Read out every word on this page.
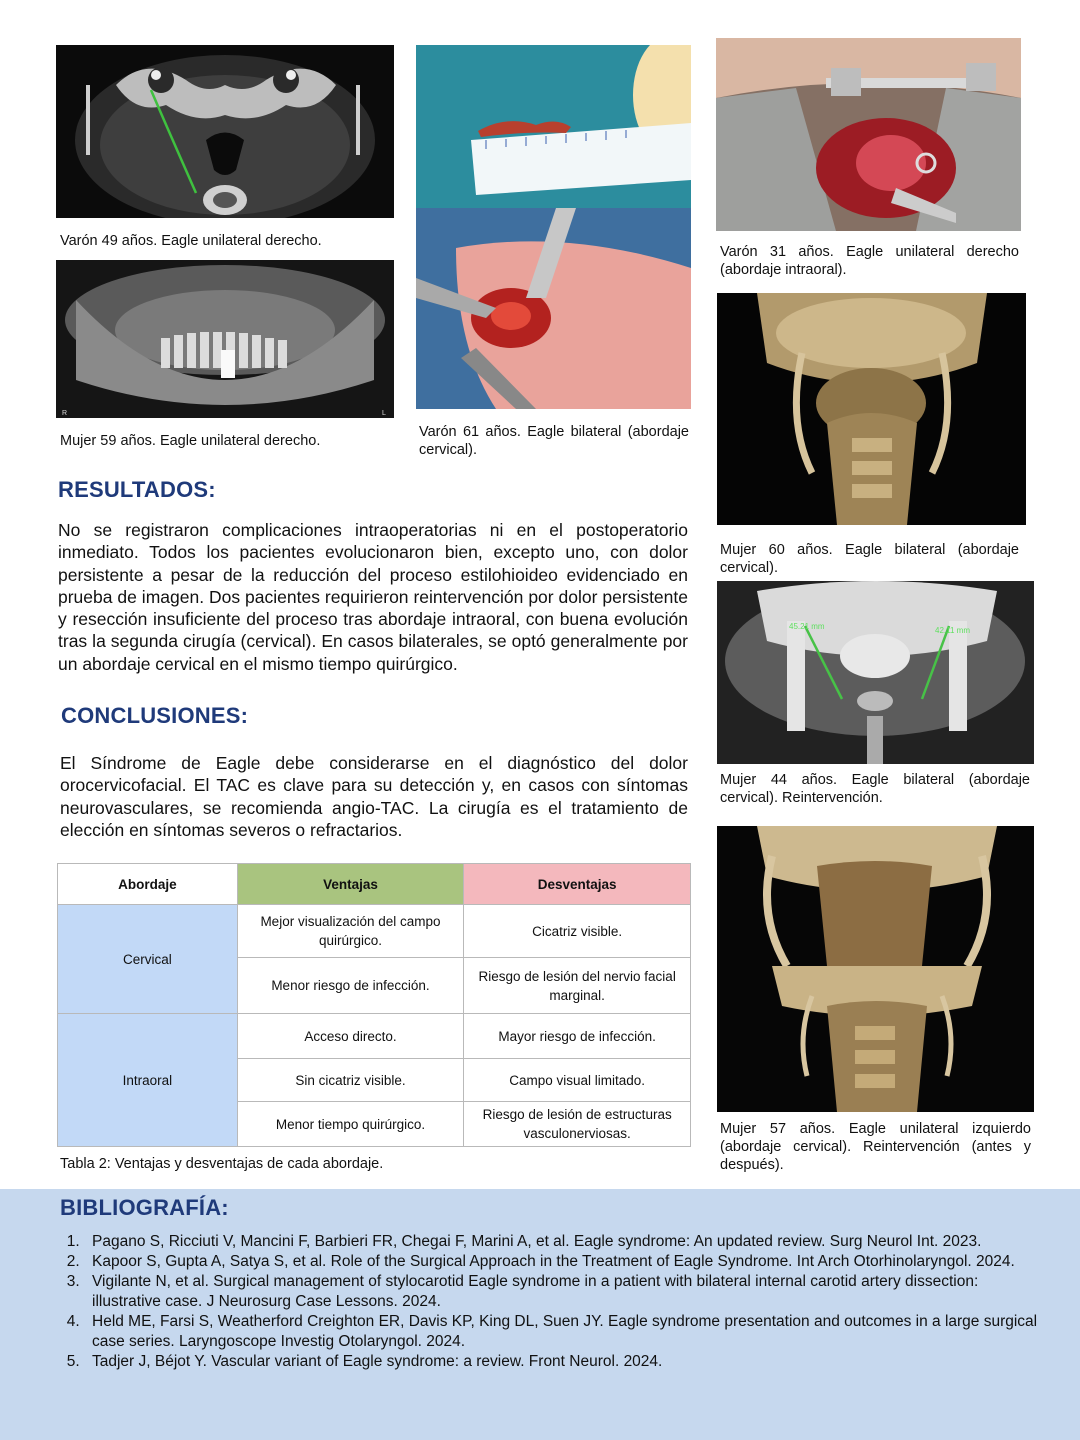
Varón 49 años. Eagle unilateral derecho.
R	L
Mujer 59 años. Eagle unilateral derecho.
Varón 61 años. Eagle bilateral (abordaje cervical).
Varón 31 años. Eagle unilateral derecho (abordaje intraoral).
Mujer 60 años. Eagle bilateral (abordaje cervical).
45.21 mm	42.11 mm
Mujer 44 años. Eagle bilateral (abordaje cervical). Reintervención.
Mujer 57 años. Eagle unilateral izquierdo (abordaje cervical). Reintervención (antes y después).
RESULTADOS:
No se registraron complicaciones intraoperatorias ni en el postoperatorio inmediato. Todos los pacientes evolucionaron bien, excepto uno, con dolor persistente a pesar de la reducción del proceso estilohioideo evidenciado en prueba de imagen. Dos pacientes requirieron reintervención por dolor persistente y resección insuficiente del proceso tras abordaje intraoral, con buena evolución tras la segunda cirugía (cervical). En casos bilaterales, se optó generalmente por un abordaje cervical en el mismo tiempo quirúrgico.
CONCLUSIONES:
El Síndrome de Eagle debe considerarse en el diagnóstico del dolor orocervicofacial. El TAC es clave para su detección y, en casos con síntomas neurovasculares, se recomienda angio-TAC. La cirugía es el tratamiento de elección en síntomas severos o refractarios.
Abordaje	Ventajas	Desventajas
Cervical	Mejor visualización del campo quirúrgico.	Cicatriz visible.
	Menor riesgo de infección.	Riesgo de lesión del nervio facial marginal.
Intraoral	Acceso directo.	Mayor riesgo de infección.
	Sin cicatriz visible.	Campo visual limitado.
	Menor tiempo quirúrgico.	Riesgo de lesión de estructuras vasculonerviosas.
Tabla 2: Ventajas y desventajas de cada abordaje.
BIBLIOGRAFÍA:
1. Pagano S, Ricciuti V, Mancini F, Barbieri FR, Chegai F, Marini A, et al. Eagle syndrome: An updated review. Surg Neurol Int. 2023.
2. Kapoor S, Gupta A, Satya S, et al. Role of the Surgical Approach in the Treatment of Eagle Syndrome. Int Arch Otorhinolaryngol. 2024.
3. Vigilante N, et al. Surgical management of stylocarotid Eagle syndrome in a patient with bilateral internal carotid artery dissection: illustrative case. J Neurosurg Case Lessons. 2024.
4. Held ME, Farsi S, Weatherford Creighton ER, Davis KP, King DL, Suen JY. Eagle syndrome presentation and outcomes in a large surgical case series. Laryngoscope Investig Otolaryngol. 2024.
5. Tadjer J, Béjot Y. Vascular variant of Eagle syndrome: a review. Front Neurol. 2024.
